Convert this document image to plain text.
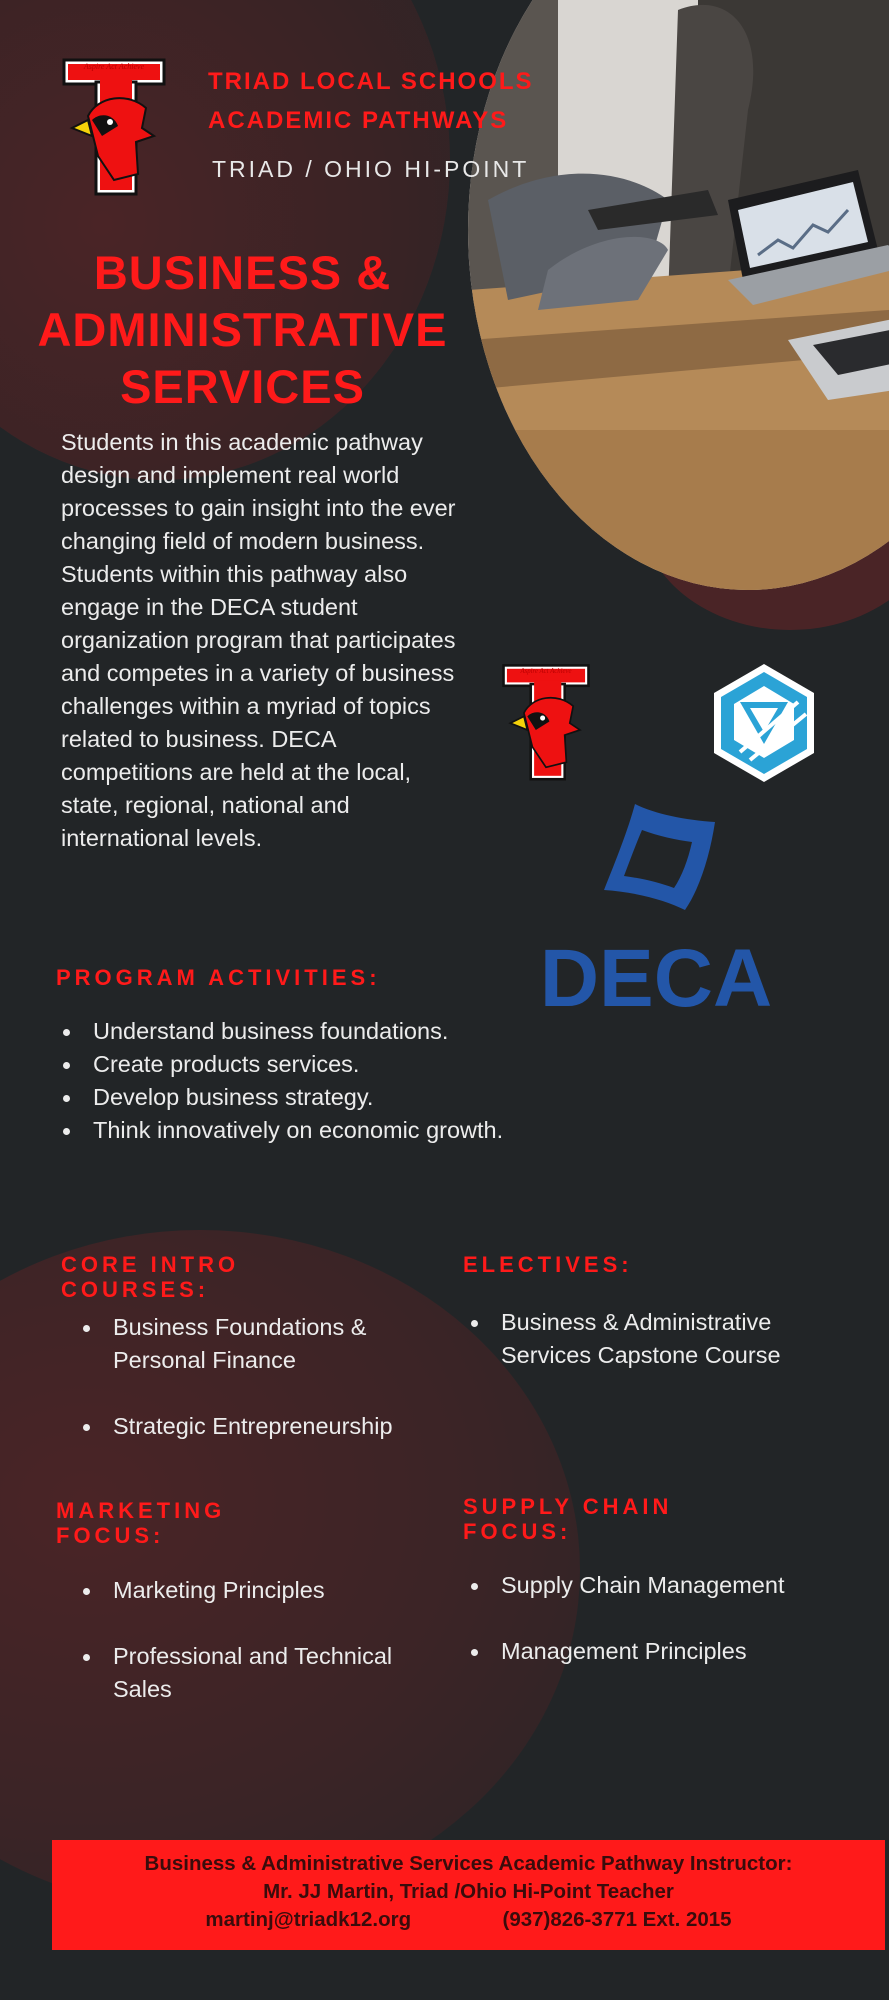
Aspire Act Achieve
TRIAD LOCAL SCHOOLS
ACADEMIC PATHWAYS
TRIAD / OHIO HI-POINT
BUSINESS &
ADMINISTRATIVE
SERVICES
Students in this academic pathway design and implement real world processes to gain insight into the ever changing field of modern business. Students within this pathway also engage in the DECA student organization program that participates and competes in a variety of business challenges within a myriad of topics related to business. DECA competitions are held at the local, state, regional, national and international levels.
Aspire Act Achieve
DECA
PROGRAM ACTIVITIES:
Understand business foundations.
Create products services.
Develop business strategy.
Think innovatively on economic growth.
CORE INTRO
COURSES:
Business Foundations & Personal Finance
Strategic Entrepreneurship
ELECTIVES:
Business & Administrative Services Capstone Course
MARKETING
FOCUS:
Marketing Principles
Professional and Technical Sales
SUPPLY CHAIN
FOCUS:
Supply Chain Management
Management Principles
Business & Administrative Services Academic Pathway Instructor:
Mr. JJ Martin, Triad /Ohio Hi-Point Teacher
martinj@triadk12.org	(937)826-3771 Ext. 2015
